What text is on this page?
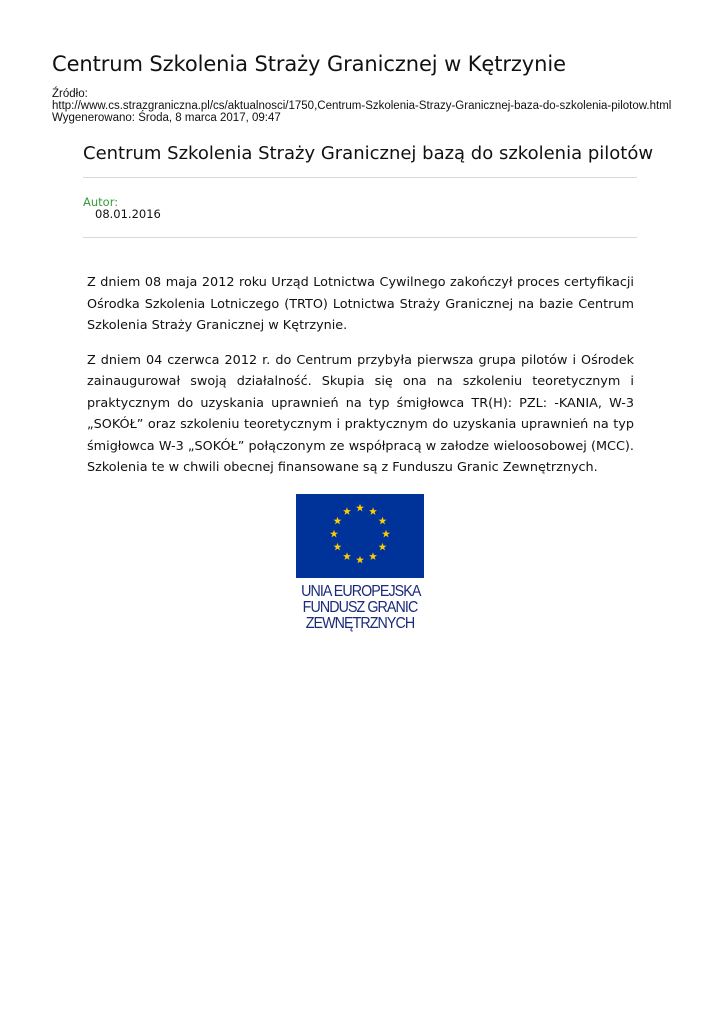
Centrum Szkolenia Straży Granicznej w Kętrzynie
Źródło:
http://www.cs.strazgraniczna.pl/cs/aktualnosci/1750,Centrum-Szkolenia-Strazy-Granicznej-baza-do-szkolenia-pilotow.html
Wygenerowano: Środa, 8 marca 2017, 09:47
Centrum Szkolenia Straży Granicznej bazą do szkolenia pilotów
Autor:
08.01.2016

Z dniem 08 maja 2012 roku Urząd Lotnictwa Cywilnego zakończył proces certyfikacji Ośrodka Szkolenia Lotniczego (TRTO) Lotnictwa Straży Granicznej na bazie Centrum Szkolenia Straży Granicznej w Kętrzynie.

Z dniem 04 czerwca 2012 r. do Centrum przybyła pierwsza grupa pilotów i Ośrodek zainaugurował swoją działalność. Skupia się ona na szkoleniu teoretycznym i praktycznym do uzyskania uprawnień na typ śmigłowca TR(H): PZL: -KANIA, W-3 „SOKÓŁ” oraz szkoleniu teoretycznym i praktycznym do uzyskania uprawnień na typ śmigłowca W-3 „SOKÓŁ” połączonym ze współpracą w załodze wieloosobowej (MCC). Szkolenia te w chwili obecnej finansowane są z Funduszu Granic Zewnętrznych.

UNIA EUROPEJSKA
FUNDUSZ GRANIC
ZEWNĘTRZNYCH
